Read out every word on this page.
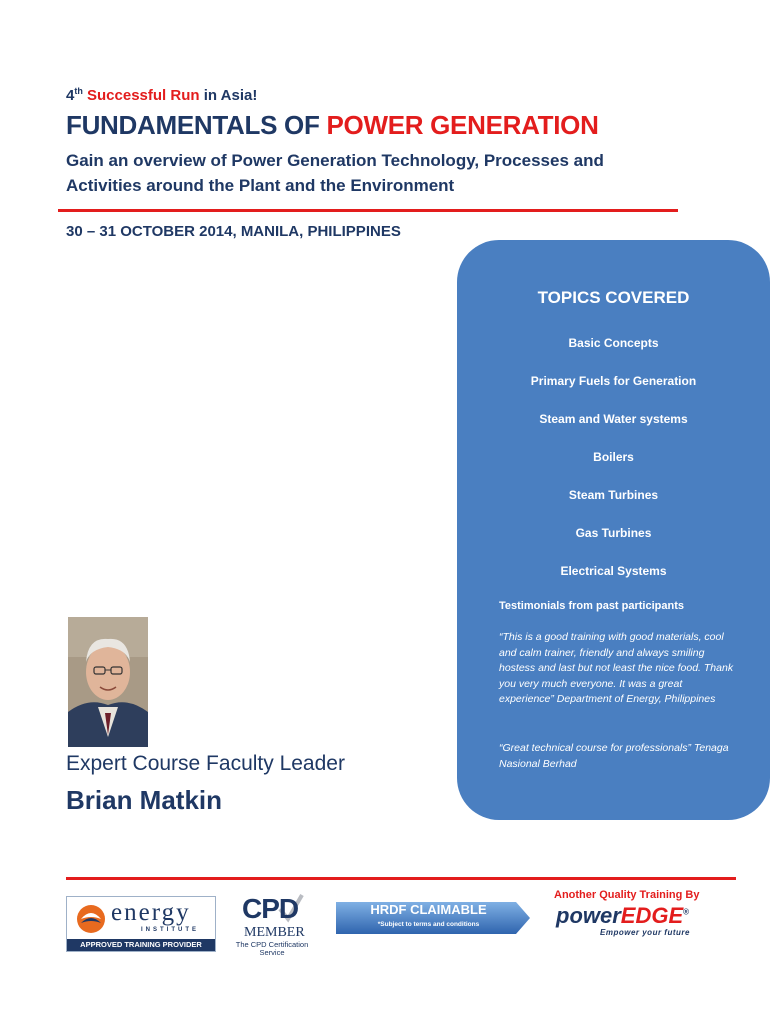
4th Successful Run in Asia!
FUNDAMENTALS OF POWER GENERATION
Gain an overview of Power Generation Technology, Processes and
Activities around the Plant and the Environment
30 – 31 OCTOBER 2014, MANILA, PHILIPPINES
TOPICS COVERED
Basic Concepts
Primary Fuels for Generation
Steam and Water systems
Boilers
Steam Turbines
Gas Turbines
Electrical Systems
Testimonials from past participants
“This is a good training with good materials, cool and calm trainer, friendly and always smiling hostess and last but not least the nice food. Thank you very much everyone. It was a great experience” Department of Energy, Philippines
“Great technical course for professionals” Tenaga Nasional Berhad
Expert Course Faculty Leader
Brian Matkin
energy
INSTITUTE
APPROVED TRAINING PROVIDER
CPD
MEMBER
The CPD Certification Service
HRDF CLAIMABLE
*Subject to terms and conditions
Another Quality Training By
powerEDGE®
Empower your future
